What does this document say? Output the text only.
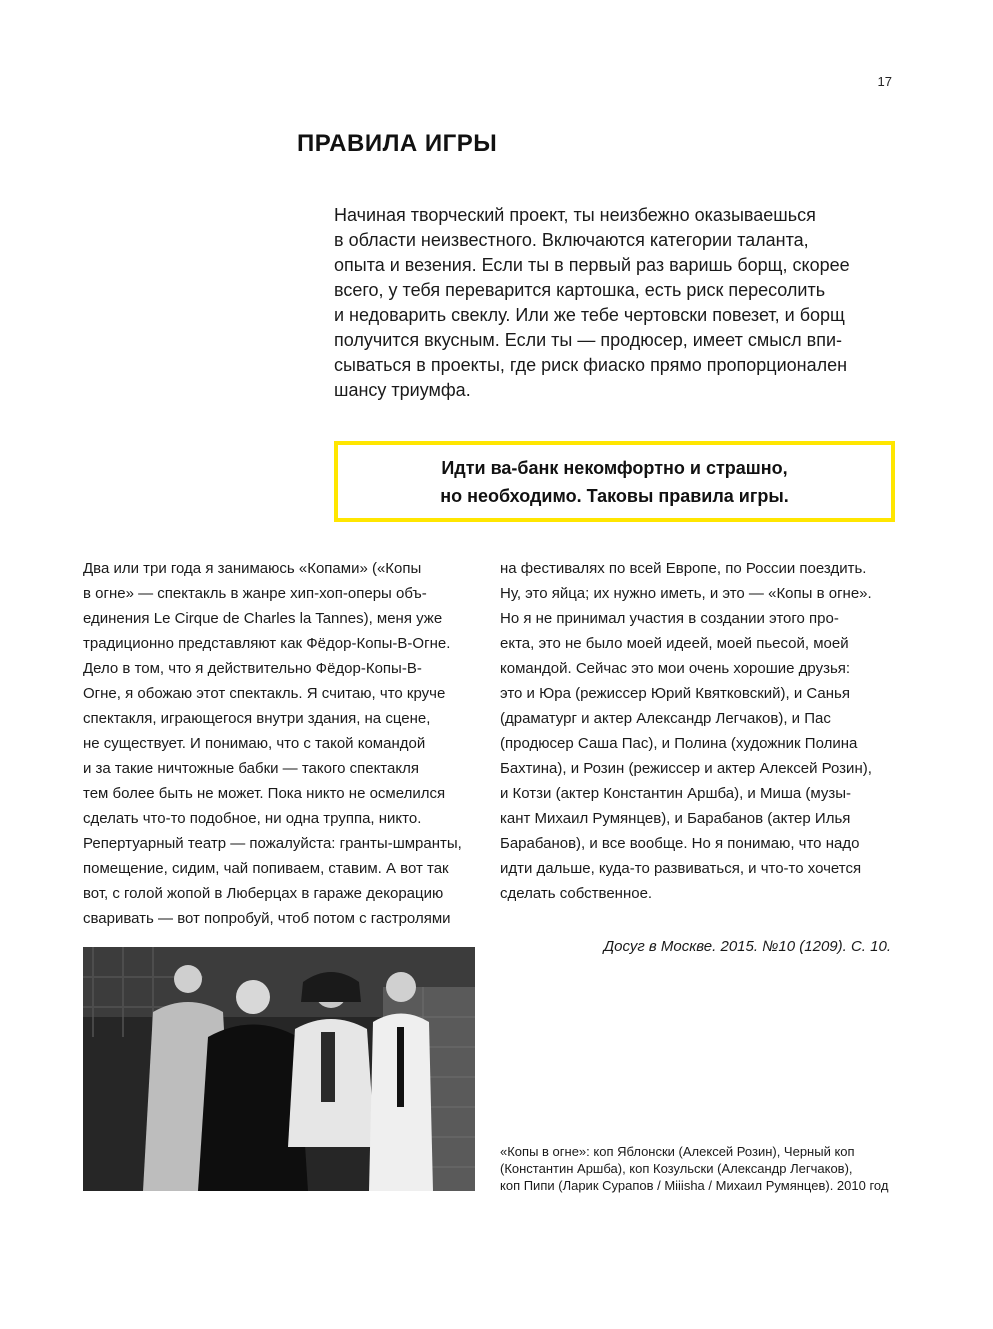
17
ПРАВИЛА ИГРЫ
Начиная творческий проект, ты неизбежно оказываешься
в области неизвестного. Включаются категории таланта,
опыта и везения. Если ты в первый раз варишь борщ, скорее
всего, у тебя переварится картошка, есть риск пересолить
и недоварить свеклу. Или же тебе чертовски повезет, и борщ
получится вкусным. Если ты — продюсер, имеет смысл впи-
сываться в проекты, где риск фиаско прямо пропорционален
шансу триумфа.
Идти ва-банк некомфортно и страшно,
но необходимо. Таковы правила игры.
Два или три года я занимаюсь «Копами» («Копы
в огне» — спектакль в жанре хип-хоп-оперы объ-
единения Le Cirque de Charles la Tannes), меня уже
традиционно представляют как Фёдор-Копы-В-Огне.
Дело в том, что я действительно Фёдор-Копы-В-
Огне, я обожаю этот спектакль. Я считаю, что круче
спектакля, играющегося внутри здания, на сцене,
не существует. И понимаю, что с такой командой
и за такие ничтожные бабки — такого спектакля
тем более быть не может. Пока никто не осмелился
сделать что-то подобное, ни одна труппа, никто.
Репертуарный театр — пожалуйста: гранты-шмранты,
помещение, сидим, чай попиваем, ставим. А вот так
вот, с голой жопой в Люберцах в гараже декорацию
сваривать — вот попробуй, чтоб потом с гастролями
на фестивалях по всей Европе, по России поездить.
Ну, это яйца; их нужно иметь, и это — «Копы в огне».
Но я не принимал участия в создании этого про-
екта, это не было моей идеей, моей пьесой, моей
командой. Сейчас это мои очень хорошие друзья:
это и Юра (режиссер Юрий Квятковский), и Санья
(драматург и актер Александр Легчаков), и Пас
(продюсер Саша Пас), и Полина (художник Полина
Бахтина), и Розин (режиссер и актер Алексей Розин),
и Котзи (актер Константин Аршба), и Миша (музы-
кант Михаил Румянцев), и Барабанов (актер Илья
Барабанов), и все вообще. Но я понимаю, что надо
идти дальше, куда-то развиваться, и что-то хочется
сделать собственное.
Досуг в Москве. 2015. №10 (1209). С. 10.
«Копы в огне»: коп Яблонски (Алексей Розин), Черный коп
(Константин Аршба), коп Козульски (Александр Легчаков),
коп Пипи (Ларик Сурапов / Miiisha / Михаил Румянцев). 2010 год
